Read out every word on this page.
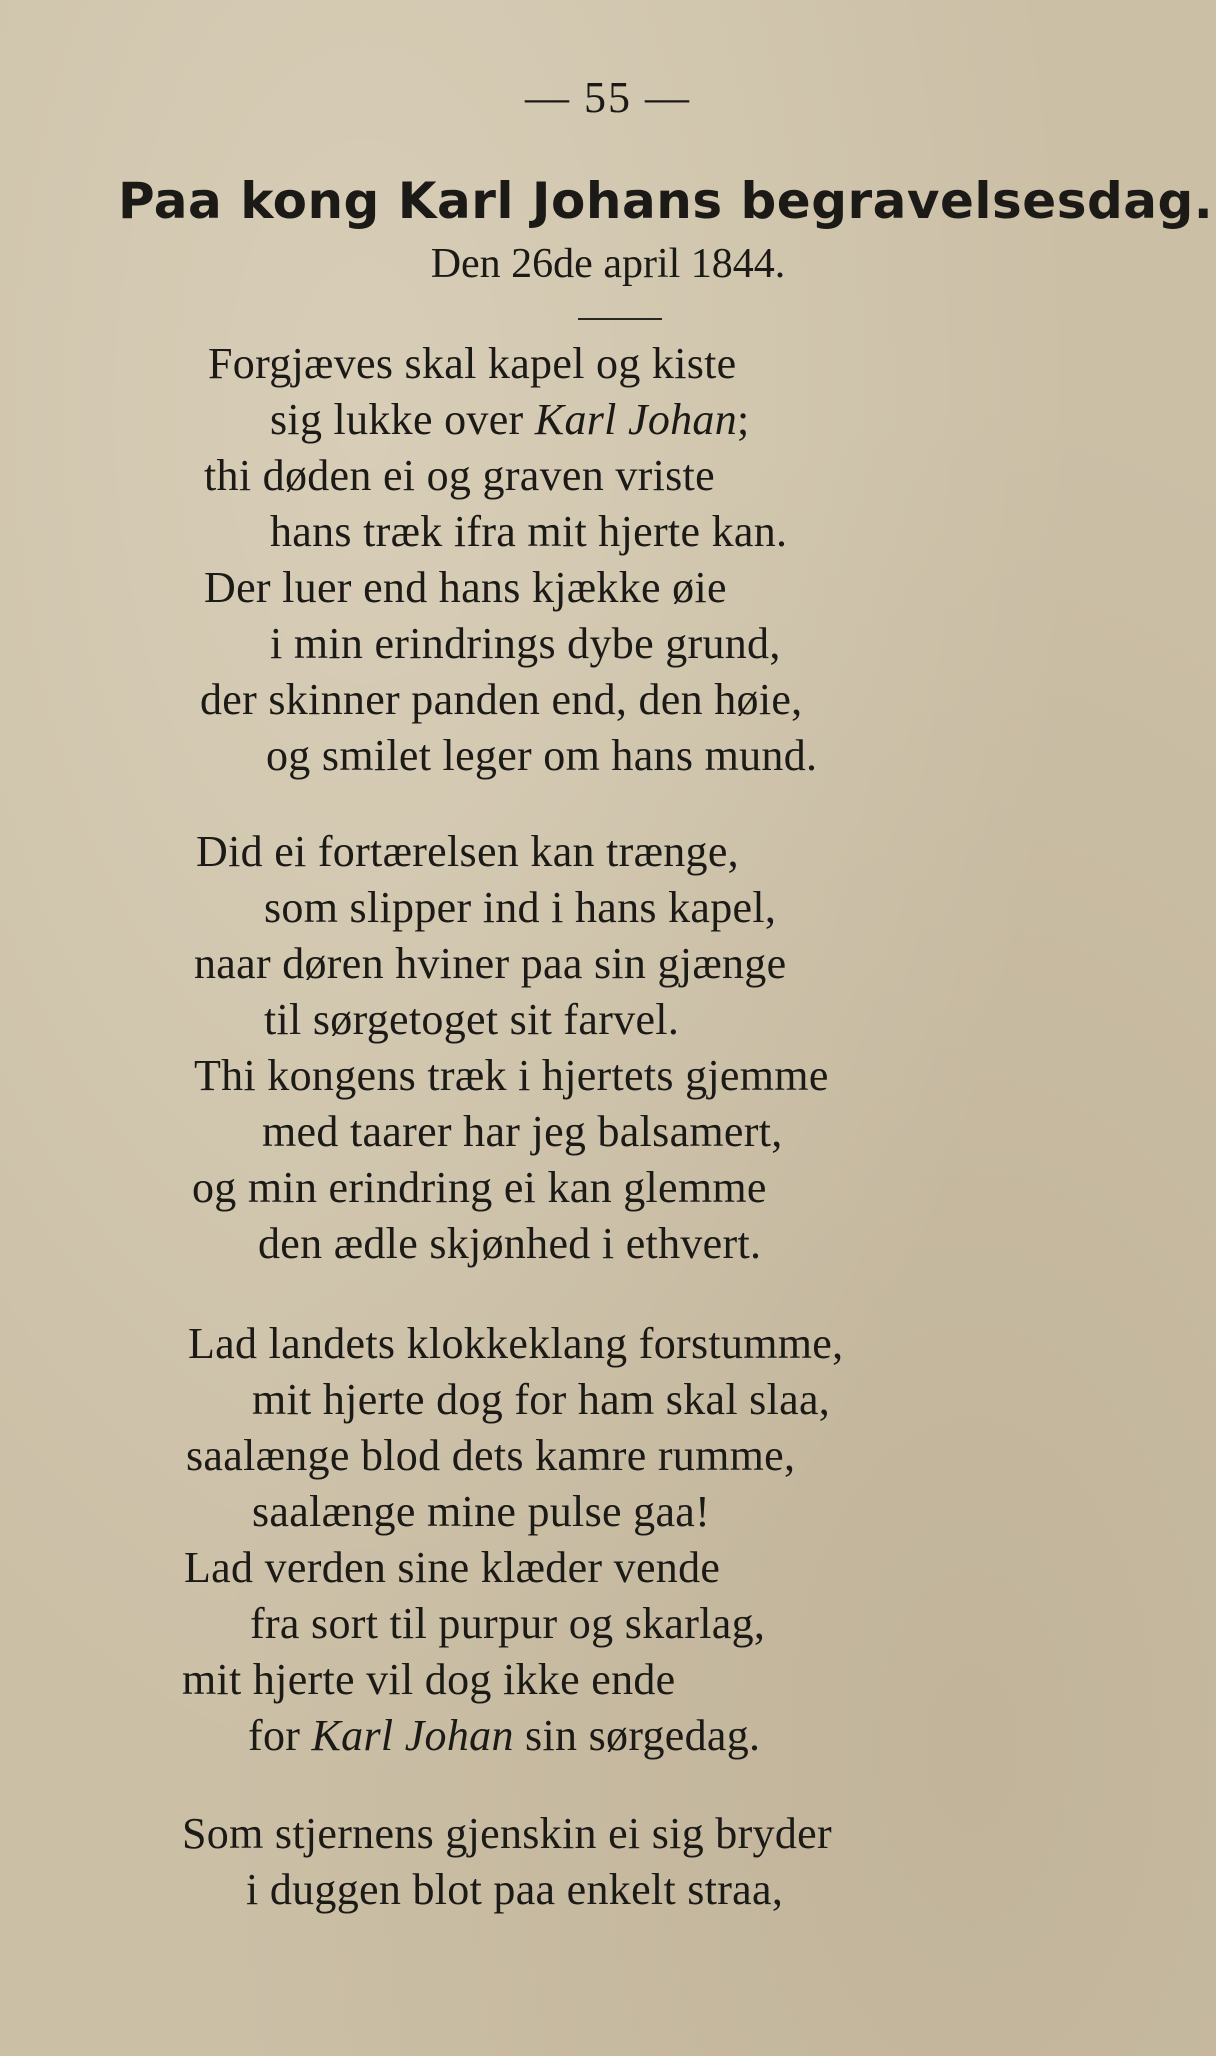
— 55 —
Paa kong Karl Johans begravelsesdag.
Den 26de april 1844.
Forgjæves skal kapel og kiste
sig lukke over Karl Johan;
thi døden ei og graven vriste
hans træk ifra mit hjerte kan.
Der luer end hans kjække øie
i min erindrings dybe grund,
der skinner panden end, den høie,
og smilet leger om hans mund.
Did ei fortærelsen kan trænge,
som slipper ind i hans kapel,
naar døren hviner paa sin gjænge
til sørgetoget sit farvel.
Thi kongens træk i hjertets gjemme
med taarer har jeg balsamert,
og min erindring ei kan glemme
den ædle skjønhed i ethvert.
Lad landets klokkeklang forstumme,
mit hjerte dog for ham skal slaa,
saalænge blod dets kamre rumme,
saalænge mine pulse gaa!
Lad verden sine klæder vende
fra sort til purpur og skarlag,
mit hjerte vil dog ikke ende
for Karl Johan sin sørgedag.
Som stjernens gjenskin ei sig bryder
i duggen blot paa enkelt straa,
